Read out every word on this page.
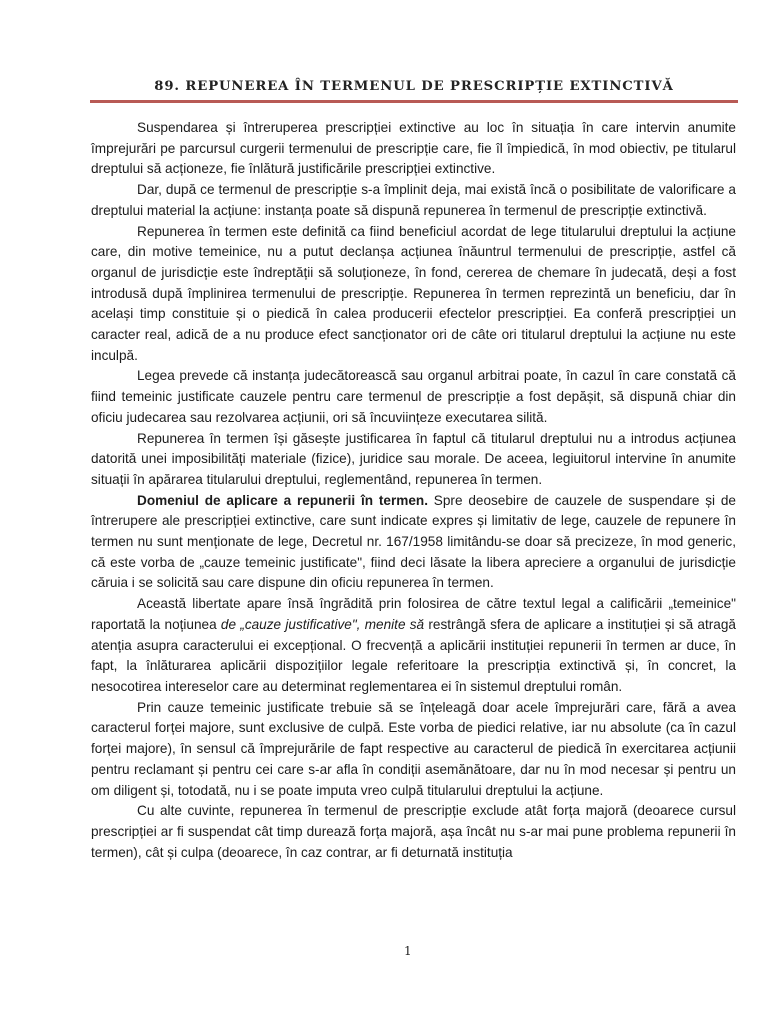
89. REPUNEREA ÎN TERMENUL DE PRESCRIPȚIE EXTINCTIVĂ

Suspendarea și întreruperea prescripției extinctive au loc în situația în care intervin anumite împrejurări pe parcursul curgerii termenului de prescripție care, fie îl împiedică, în mod obiectiv, pe titularul dreptului să acționeze, fie înlătură justificările prescripției extinctive.

Dar, după ce termenul de prescripție s-a împlinit deja, mai există încă o posibilitate de valorificare a dreptului material la acțiune: instanța poate să dispună repunerea în termenul de prescripție extinctivă.

Repunerea în termen este definită ca fiind beneficiul acordat de lege titularului dreptului la acțiune care, din motive temeinice, nu a putut declanșa acțiunea înăuntrul termenului de prescripție, astfel că organul de jurisdicție este îndreptății să soluționeze, în fond, cererea de chemare în judecată, deși a fost introdusă după împlinirea termenului de prescripție. Repunerea în termen reprezintă un beneficiu, dar în același timp constituie și o piedică în calea producerii efectelor prescripției. Ea conferă prescripției un caracter real, adică de a nu produce efect sancționator ori de câte ori titularul dreptului la acțiune nu este inculpă.

Legea prevede că instanța judecătorească sau organul arbitrai poate, în cazul în care constată că fiind temeinic justificate cauzele pentru care termenul de prescripție a fost depășit, să dispună chiar din oficiu judecarea sau rezolvarea acțiunii, ori să încuviințeze executarea silită.

Repunerea în termen își găsește justificarea în faptul că titularul dreptului nu a introdus acțiunea datorită unei imposibilități materiale (fizice), juridice sau morale. De aceea, legiuitorul intervine în anumite situații în apărarea titularului dreptului, reglementând, repunerea în termen.

Domeniul de aplicare a repunerii în termen. Spre deosebire de cauzele de suspendare și de întrerupere ale prescripției extinctive, care sunt indicate expres și limitativ de lege, cauzele de repunere în termen nu sunt menționate de lege, Decretul nr. 167/1958 limitându-se doar să precizeze, în mod generic, că este vorba de „cauze temeinic justificate", fiind deci lăsate la libera apreciere a organului de jurisdicție căruia i se solicită sau care dispune din oficiu repunerea în termen.

Această libertate apare însă îngrădită prin folosirea de către textul legal a calificării „temeinice" raportată la noțiunea de „cauze justificative", menite să restrângă sfera de aplicare a instituției și să atragă atenția asupra caracterului ei excepțional. O frecvență a aplicării instituției repunerii în termen ar duce, în fapt, la înlăturarea aplicării dispozițiilor legale referitoare la prescripția extinctivă și, în concret, la nesocotirea intereselor care au determinat reglementarea ei în sistemul dreptului român.

Prin cauze temeinic justificate trebuie să se înțeleagă doar acele împrejurări care, fără a avea caracterul forței majore, sunt exclusive de culpă. Este vorba de piedici relative, iar nu absolute (ca în cazul forței majore), în sensul că împrejurările de fapt respective au caracterul de piedică în exercitarea acțiunii pentru reclamant și pentru cei care s-ar afla în condiții asemănătoare, dar nu în mod necesar și pentru un om diligent și, totodată, nu i se poate imputa vreo culpă titularului dreptului la acțiune.

Cu alte cuvinte, repunerea în termenul de prescripție exclude atât forța majoră (deoarece cursul prescripției ar fi suspendat cât timp durează forța majoră, așa încât nu s-ar mai pune problema repunerii în termen), cât și culpa (deoarece, în caz contrar, ar fi deturnată instituția

1
